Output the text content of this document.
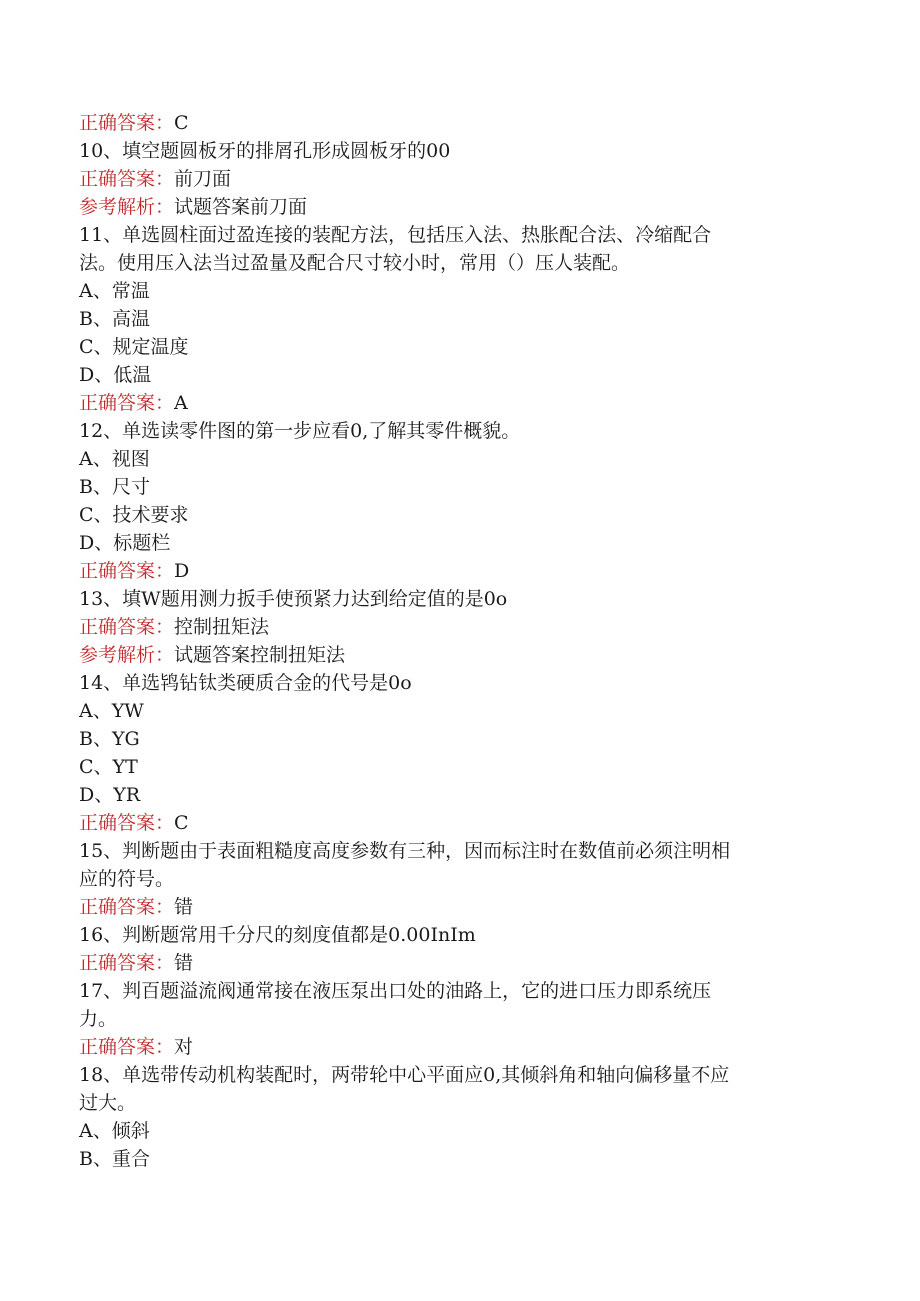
正确答案：C
10、填空题圆板牙的排屑孔形成圆板牙的00
正确答案：前刀面
参考解析：试题答案前刀面
11、单选圆柱面过盈连接的装配方法，包括压入法、热胀配合法、冷缩配合
法。使用压入法当过盈量及配合尺寸较小时，常用（）压人装配。
A、常温
B、高温
C、规定温度
D、低温
正确答案：A
12、单选读零件图的第一步应看0,了解其零件概貌。
A、视图
B、尺寸
C、技术要求
D、标题栏
正确答案：D
13、填W题用测力扳手使预紧力达到给定值的是0o
正确答案：控制扭矩法
参考解析：试题答案控制扭矩法
14、单选鸨钻钛类硬质合金的代号是0o
A、YW
B、YG
C、YT
D、YR
正确答案：C
15、判断题由于表面粗糙度高度参数有三种，因而标注时在数值前必须注明相
应的符号。
正确答案：错
16、判断题常用千分尺的刻度值都是0.00InIm
正确答案：错
17、判百题溢流阀通常接在液压泵出口处的油路上，它的进口压力即系统压
力。
正确答案：对
18、单选带传动机构装配时，两带轮中心平面应0,其倾斜角和轴向偏移量不应
过大。
A、倾斜
B、重合
